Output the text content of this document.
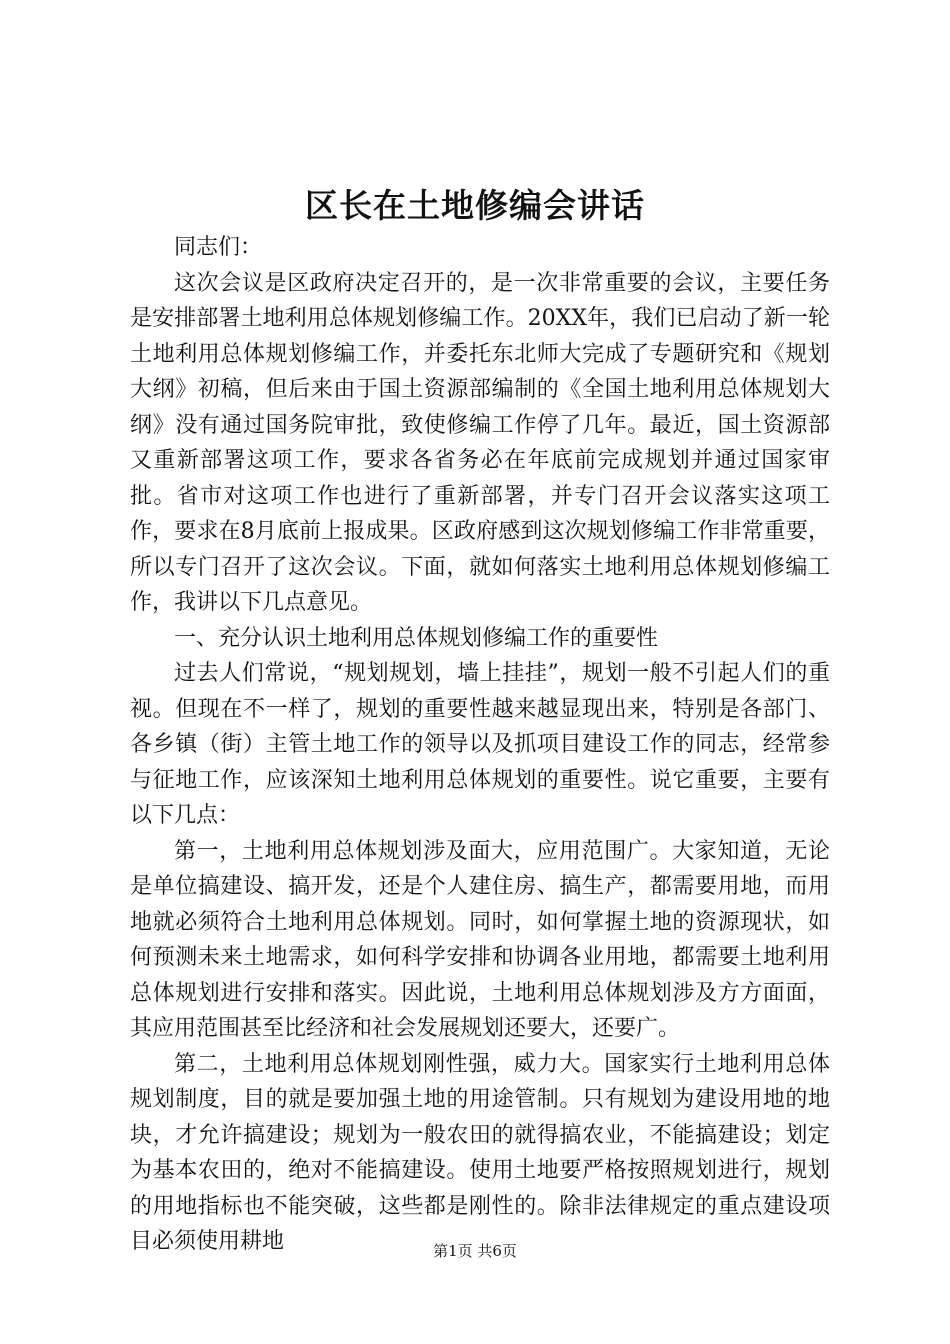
区长在土地修编会讲话

同志们：

这次会议是区政府决定召开的，是一次非常重要的会议，主要任务是安排部署土地利用总体规划修编工作。20XX年，我们已启动了新一轮土地利用总体规划修编工作，并委托东北师大完成了专题研究和《规划大纲》初稿，但后来由于国土资源部编制的《全国土地利用总体规划大纲》没有通过国务院审批，致使修编工作停了几年。最近，国土资源部又重新部署这项工作，要求各省务必在年底前完成规划并通过国家审批。省市对这项工作也进行了重新部署，并专门召开会议落实这项工作，要求在8月底前上报成果。区政府感到这次规划修编工作非常重要，所以专门召开了这次会议。下面，就如何落实土地利用总体规划修编工作，我讲以下几点意见。

一、充分认识土地利用总体规划修编工作的重要性

过去人们常说，“规划规划，墙上挂挂”，规划一般不引起人们的重视。但现在不一样了，规划的重要性越来越显现出来，特别是各部门、各乡镇（街）主管土地工作的领导以及抓项目建设工作的同志，经常参与征地工作，应该深知土地利用总体规划的重要性。说它重要，主要有以下几点：

第一，土地利用总体规划涉及面大，应用范围广。大家知道，无论是单位搞建设、搞开发，还是个人建住房、搞生产，都需要用地，而用地就必须符合土地利用总体规划。同时，如何掌握土地的资源现状，如何预测未来土地需求，如何科学安排和协调各业用地，都需要土地利用总体规划进行安排和落实。因此说，土地利用总体规划涉及方方面面，其应用范围甚至比经济和社会发展规划还要大，还要广。

第二，土地利用总体规划刚性强，威力大。国家实行土地利用总体规划制度，目的就是要加强土地的用途管制。只有规划为建设用地的地块，才允许搞建设；规划为一般农田的就得搞农业，不能搞建设；划定为基本农田的，绝对不能搞建设。使用土地要严格按照规划进行，规划的用地指标也不能突破，这些都是刚性的。除非法律规定的重点建设项目必须使用耕地	第1页 共6页
